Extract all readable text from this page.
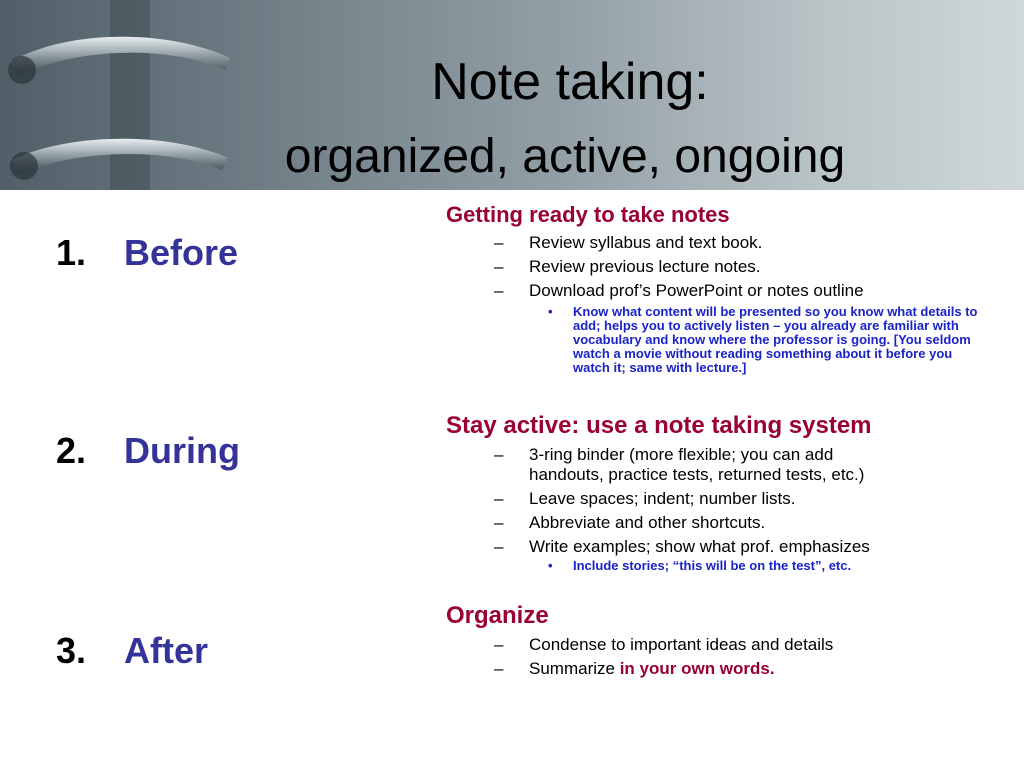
Note taking:
organized, active, ongoing
1. Before
2. During
3. After
Getting ready to take notes
– Review syllabus and text book.
– Review previous lecture notes.
– Download prof’s PowerPoint or notes outline
• Know what content will be presented so you know what details to add; helps you to actively listen – you already are familiar with vocabulary and know where the professor is going. [You seldom watch a movie without reading something about it before you watch it; same with lecture.]
Stay active: use a note taking system
– 3-ring binder (more flexible; you can add
handouts, practice tests, returned tests, etc.)
– Leave spaces; indent; number lists.
– Abbreviate and other shortcuts.
– Write examples; show what prof. emphasizes
• Include stories; “this will be on the test”, etc.
Organize
– Condense to important ideas and details
– Summarize in your own words.
